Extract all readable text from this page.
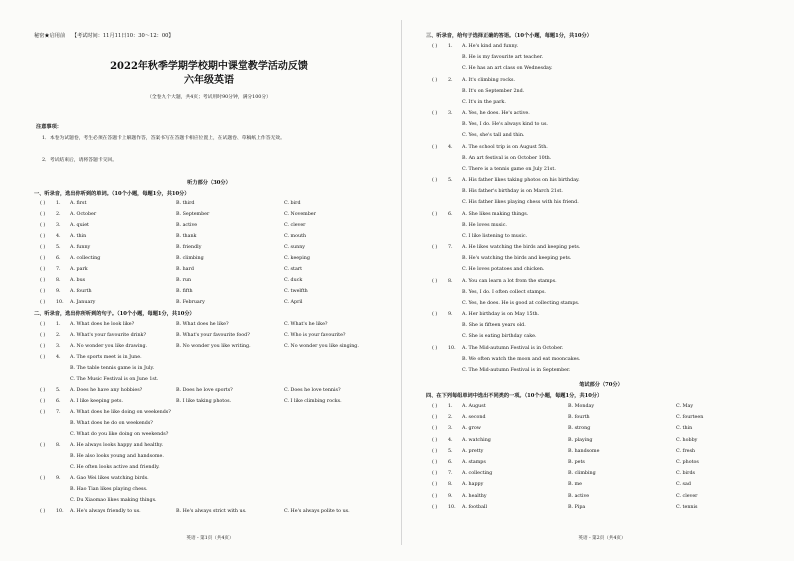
秘密★启用前 【考试时间：11月11日10：30～12：00】
2022年秋季学期学校期中课堂教学活动反馈
六年级英语
（全卷九个大题，共4页；考试用时90分钟，满分100分）
注意事项：
1．本卷为试题卷，考生必须在答题卡上解题作答，答案书写在答题卡相应位置上，在试题卷、草稿纸上作答无效。
2．考试结束后，请将答题卡交回。
听力部分（30分）
一、听录音，选出你听到的单词。（10个小题，每题1分，共10分）
( ) 1. A. first	B. third	C. bird
( ) 2. A. October	B. September	C. November
( ) 3. A. quiet	B. active	C. clever
( ) 4. A. thin	B. thank	C. mouth
( ) 5. A. funny	B. friendly	C. sunny
( ) 6. A. collecting	B. climbing	C. keeping
( ) 7. A. park	B. hard	C. start
( ) 8. A. bus	B. run	C. duck
( ) 9. A. fourth	B. fifth	C. twelfth
( ) 10. A. January	B. February	C. April
二、听录音，选出你所听到的句子。（10个小题，每题1分，共10分）
( ) 1. A. What does he look like?	B. What does he like?	C. What's he like?
( ) 2. A. What's your favourite drink?	B. What's your favourite food?	C. Who is your favourite?
( ) 3. A. No wonder you like drawing.	B. No wonder you like writing.	C. No wonder you like singing.
( ) 4. A. The sports meet is in June.
B. The table tennis game is in July.
C. The Music Festival is on June 1st.
( ) 5. A. Does he have any hobbies?	B. Does he love sports?	C. Does he love tennis?
( ) 6. A. I like keeping pets.	B. I like taking photos.	C. I like climbing rocks.
( ) 7. A. What does he like doing on weekends?
B. What does he do on weekends?
C. What do you like doing on weekends?
( ) 8. A. He always looks happy and healthy.
B. He also looks young and handsome.
C. He often looks active and friendly.
( ) 9. A. Gao Wei likes watching birds.
B. Hao Tian likes playing chess.
C. Du Xiaomao likes making things.
( ) 10. A. He's always friendly to us.	B. He's always strict with us.	C. He's always polite to us.
英语・第1页（共4页）
三、听录音，给句子选择正确的答语。（10个小题，每题1分，共10分）
( ) 1. A. He's kind and funny.
B. He is my favourite art teacher.
C. He has an art class on Wednesday.
( ) 2. A. It's climbing rocks.
B. It's on September 2nd.
C. It's in the park.
( ) 3. A. Yes, he does. He's active.
B. Yes, I do. He's always kind to us.
C. Yes, she's tall and thin.
( ) 4. A. The school trip is on August 5th.
B. An art festival is on October 10th.
C. There is a tennis game on July 21st.
( ) 5. A. His father likes taking photos on his birthday.
B. His father's birthday is on March 21st.
C. His father likes playing chess with his friend.
( ) 6. A. She likes making things.
B. He loves music.
C. I like listening to music.
( ) 7. A. He likes watching the birds and keeping pets.
B. He's watching the birds and keeping pets.
C. He loves potatoes and chicken.
( ) 8. A. You can learn a lot from the stamps.
B. Yes, I do. I often collect stamps.
C. Yes, he does. He is good at collecting stamps.
( ) 9. A. Her birthday is on May 15th.
B. She is fifteen years old.
C. She is eating birthday cake.
( ) 10. A. The Mid-autumn Festival is in October.
B. We often watch the moon and eat mooncakes.
C. The Mid-autumn Festival is in September.
笔试部分（70分）
四、在下列每组单词中选出不同类的一项。（10个小题，每题1分，共10分）
( ) 1. A. August	B. Monday	C. May
( ) 2. A. second	B. fourth	C. fourteen
( ) 3. A. grow	B. strong	C. thin
( ) 4. A. watching	B. playing	C. hobby
( ) 5. A. pretty	B. handsome	C. fresh
( ) 6. A. stamps	B. pets	C. photos
( ) 7. A. collecting	B. climbing	C. birds
( ) 8. A. happy	B. me	C. sad
( ) 9. A. healthy	B. active	C. clever
( ) 10. A. football	B. Pipa	C. tennis
英语・第2页（共4页）
